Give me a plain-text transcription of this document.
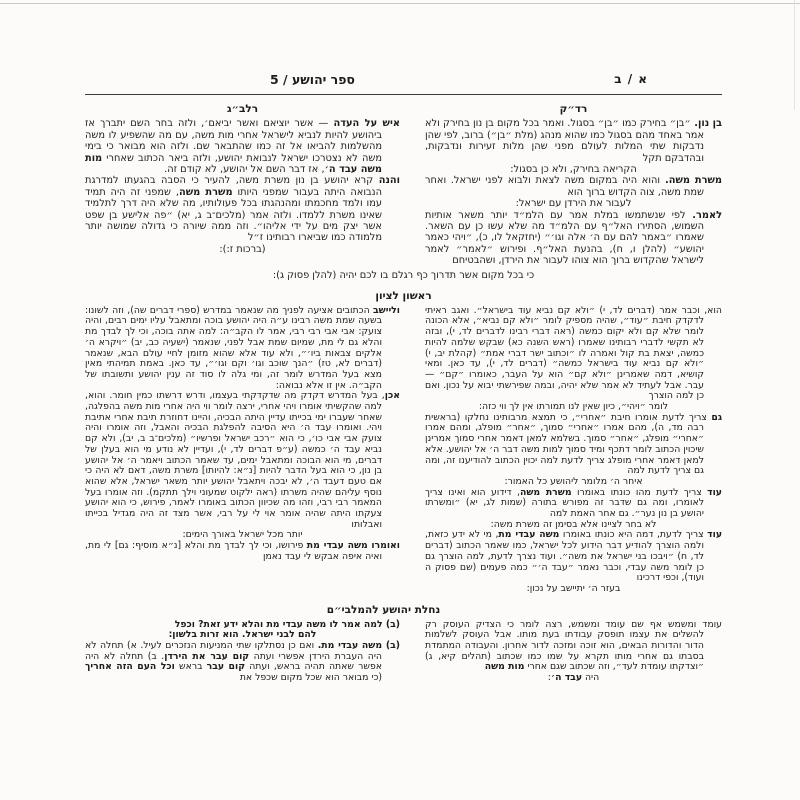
א / ב
ספר יהושע / 5
רד״ק
בן נון. ״בן״ בחירק כמו ״בן״ בסגול. ואמר בכל מקום בן נון בחירק ולא אמר באחד מהם בסגול כמו שהוא מנהג (מלת ״בן״) ברוב, לפי שהן נדבקות שתי המלות לעולם מפני שהן מלות זעירות ונדבקות, ובהדבקם תקל
הקריאה בחירק, ולא כן בסגול:
משרת משה. והוא היה במקום משה לצאת ולבוא לפני ישראל. ואחר שמת משה, צוה הקדוש ברוך הוא
לעבור את הירדן עם ישראל:
לאמר. לפי שנשתמשו במלת אמר עם הלמ״ד יותר משאר אותיות השמוש, הסתירו האל״ף עם הלמ״ד מה שלא עשו כן עם השאר. שאמרו ״באמר להם עם ה׳ אלה וגו׳״ (יחזקאל לו, כ), ״ויהי כאמר יהושע״ (להלן ו, ח), בהנעת האל״ף. ופירוש ״לאמר״ לאמר לישראל שהקדוש ברוך הוא צוהו לעבור את הירדן, ושהבטיחם
רלב״ג
איש על העדה — אשר יוציאם ואשר יביאם׳, ולזה בחר השם יתברך אז ביהושע להיות לנביא לישראל אחרי מות משה, עם מה שהשפיע לו משה מהשלמות להביאו אל זה כמו שהתבאר שם. ולזה הוא מבואר כי בימי משה לא נצטרכו ישראל לנבואת יהושע, ולזה ביאר הכתוב שאחרי מות משה עבד ה׳, אז דבר השם אל יהושע, לא קודם זה.
והנה קרא יהושע בן נון משרת משה, להעיר כי הסבה בהגעתו למדרגת הנבואה היתה בעבור שמפני היותו משרת משה, שמפני זה היה תמיד עמו ולמד מחכמתו ומהנהגתו בכל פעולותיו, מה שלא היה דרך לתלמיד שאינו משרת ללמדו. ולזה אמר (מלכים־ב ג, יא) ״פה אלישע בן שפט אשר יצק מים על ידי אליהו״. וזה ממה שיורה כי גדולה שמושה יותר מלמודה כמו שביארו רבותינו ז״ל
(ברכות ז:):
כי בכל מקום אשר תדרוך כף רגלם בו לכם יהיה (להלן פסוק ג):
ראשון לציון
הוא, וכבר אמר (דברים לד, י) ״ולא קם נביא עוד בישראל״. ואגב ראיתי לדקדק חיבת ״עוד״, שהיה מספיק לומר ״ולא קם נביא״, אלא הכונה לומר שלא קם ולא יקום כמשה (ראה דברי רבינו לדברים לד, י), ובזה לא תקשי לדברי רבותינו שאמרו (ראש השנה כא) שבקש שלמה להיות כמשה, יצאת בת קול ואמרה לו ״וכתוב ישר דברי אמת״ (קהלת יב, י) ״ולא קם נביא עוד בישראל כמשה״ (דברים לד, י), עד כאן. ומאי קושיא, דמה שאמרינן ״ולא קם״ הוא על העבר, כאומרו ״קם״ — עבר. אבל לעתיד לא אמר שלא יהיה, ובמה שפירשתי יבוא על נכון. ואם כן למה הוצרך
לומר ״ויהי״, כיון שאין לנו תמורתו אין לך ווי כזה:
גם צריך לדעת אומרו חיבת ״אחרי״, כי תמצא מרבותינו נחלקו (בראשית רבה מד, ה), מהם אמרו ״אחרי״ סמוך, ״אחר״ מופלג, ומהם אמרו ״אחרי״ מופלג, ״אחר״ סמוך. בשלמא למאן דאמר אחרי סמוך אמרינן שיכוין הכתוב לומר דתכף ומיד סמוך למות משה דבר ה׳ אל יהושע. אלא למאן דאמר אחרי מופלג צריך לדעת למה יכוין הכתוב להודיענו זה, ומה גם צריך לדעת למה
איחר ה׳ מלומר ליהושע כל האמור:
עוד צריך לדעת מהו כונתו באומרו משרת משה, דידוע הוא ואינו צריך לאומרו, ומה גם שדבר זה מפורש בתורה (שמות לג, יא) ״ומשרתו יהושע בן נון נער״. גם אחר האמת למה
לא בחר לציינו אלא בסימן זה משרת משה:
עוד צריך לדעת, דמה היא כונתו באומרו משה עבדי מת, מי לא ידע כזאת, ולמה הוצרך להודיע דבר הידוע לכל ישראל, כמו שאמר הכתוב (דברים לד, ח) ״ויבכו בני ישראל את משה״. ועוד נצרך לדעת, למה הוצרך גם כן לומר משה עבדי, וכבר נאמר ״עבד ה׳״ כמה פעמים (שם פסוק ה ועוד), וכפי דרכינו
בעזר ה׳ יתיישב על נכון:
וליישב הכתובים אציעה לפניך מה שנאמר במדרש (ספרי דברים שה), וזה לשונו: בשעה שמת משה רבינו ע״ה היה יהושע בוכה ומתאבל עליו ימים רבים, והיה צועק: אבי אבי רבי רבי, אמר לו הקב״ה: למה אתה בוכה, וכי לך לבדך מת והלא גם לי מת, שמיום שמת אבל לפני, שנאמר (ישעיה כב, יב) ״ויקרא ה׳ אלקים צבאות ביו׳״, ולא עוד אלא שהוא מזומן לחיי עולם הבא, שנאמר (דברים לא, טז) ״הנך שוכב וגו׳ וקם וגו׳״, עד כאן. באמת תמיהתי מאין מצא בעל המדרש לומר זה, ומי גלה לו סוד זה ענין יהושע ותשובתו של הקב״ה. אין זו אלא נבואה:
אכן, בעל המדרש דקדק מה שדקדקתי בעצמו, ודרש דרשתו כמין חומר. והוא, למה שהקשיתי אומרו ויהי אחרי, ירצה לומר ווי היה אחרי מות משה בהפלגה, שאחר שעברו ימי בכייתו עדיין היתה הבכיה, והיינו דחוזרת תיבת אחרי אתיבת ויהי. ואומרו עבד ה׳ היא הסיבה להפלגת הבכיה והאבל, וזה אומרו והיה צועק אבי אבי כו׳, כי הוא ״רכב ישראל ופרשיו״ (מלכים־ב ב, יב), ולא קם נביא עבד ה׳ כמשה (ע״פ דברים לד, י), ועדיין לא נודע מי הוא בעלן של דברים, מי הוא הבוכה ומתאבל ימים, עד שאמר הכתוב ויאמר ה׳ אל יהושע בן נון, כי הוא בעל הדבר להיות [נ״א: להיותו] משרת משה, דאם לא היה כי אם טעם דעבד ה׳, לא יבכה ויתאבל יהושע יותר משאר ישראל, אלא שהוא נוסף עליהם שהיה משרתו (ראה ילקוט שמעוני וילך תתקמ). וזה אומרו בעל המאמר רבי רבי, וזהו מה שכיוון הכתוב באומרו לאמר, פירוש, כי הוא יהושע צעקתו היתה שהיה אומר אוי לי על רבי, אשר מצד זה היה מגדיל בכייתו ואבלותו
יותר מכל ישראל באורך הימים:
ואומרו משה עבדי מת פירושו, וכי לך לבדך מת והלא [נ״א מוסיף: גם] לי מת, ואיה איפה אבקש לי עבד נאמן
נחלת יהושע להמלבי״ם
עומד ומשמש אף שם עומד ומשמש, רצה לומר כי הצדיק העוסק רק להשלים את עצמו תופסק עבודתו בעת מותו. אבל העוסק לשלמות הדור והדורות הבאים, הוא זוכה ומזכה לדור אחרון. והעבודה המתמדת בסבתו גם אחרי מותו תקרא על שמו כמו שכתוב (תהלים קיא, ג) ״וצדקתו עומדת לעד״, וזה שכתוב שגם אחרי מות משה
היה עבד ה׳:
(ב) למה אמר לו משה עבדי מת והלא ידע זאת? וכפל
להם לבני ישראל. הוא זרות בלשון:
(ב) משה עבדי מת. ואם כן נסתלקו שתי המניעות הנזכרים לעיל. א) תחלה לא היה העברת הירדן אפשרי ועתה קום עבר את הירדן. ב) תחלה לא היה אפשר שאתה תהיה בראש, ועתה קום עבר בראש וכל העם הזה אחריך (כי מבואר הוא שכל מקום שכפל את
